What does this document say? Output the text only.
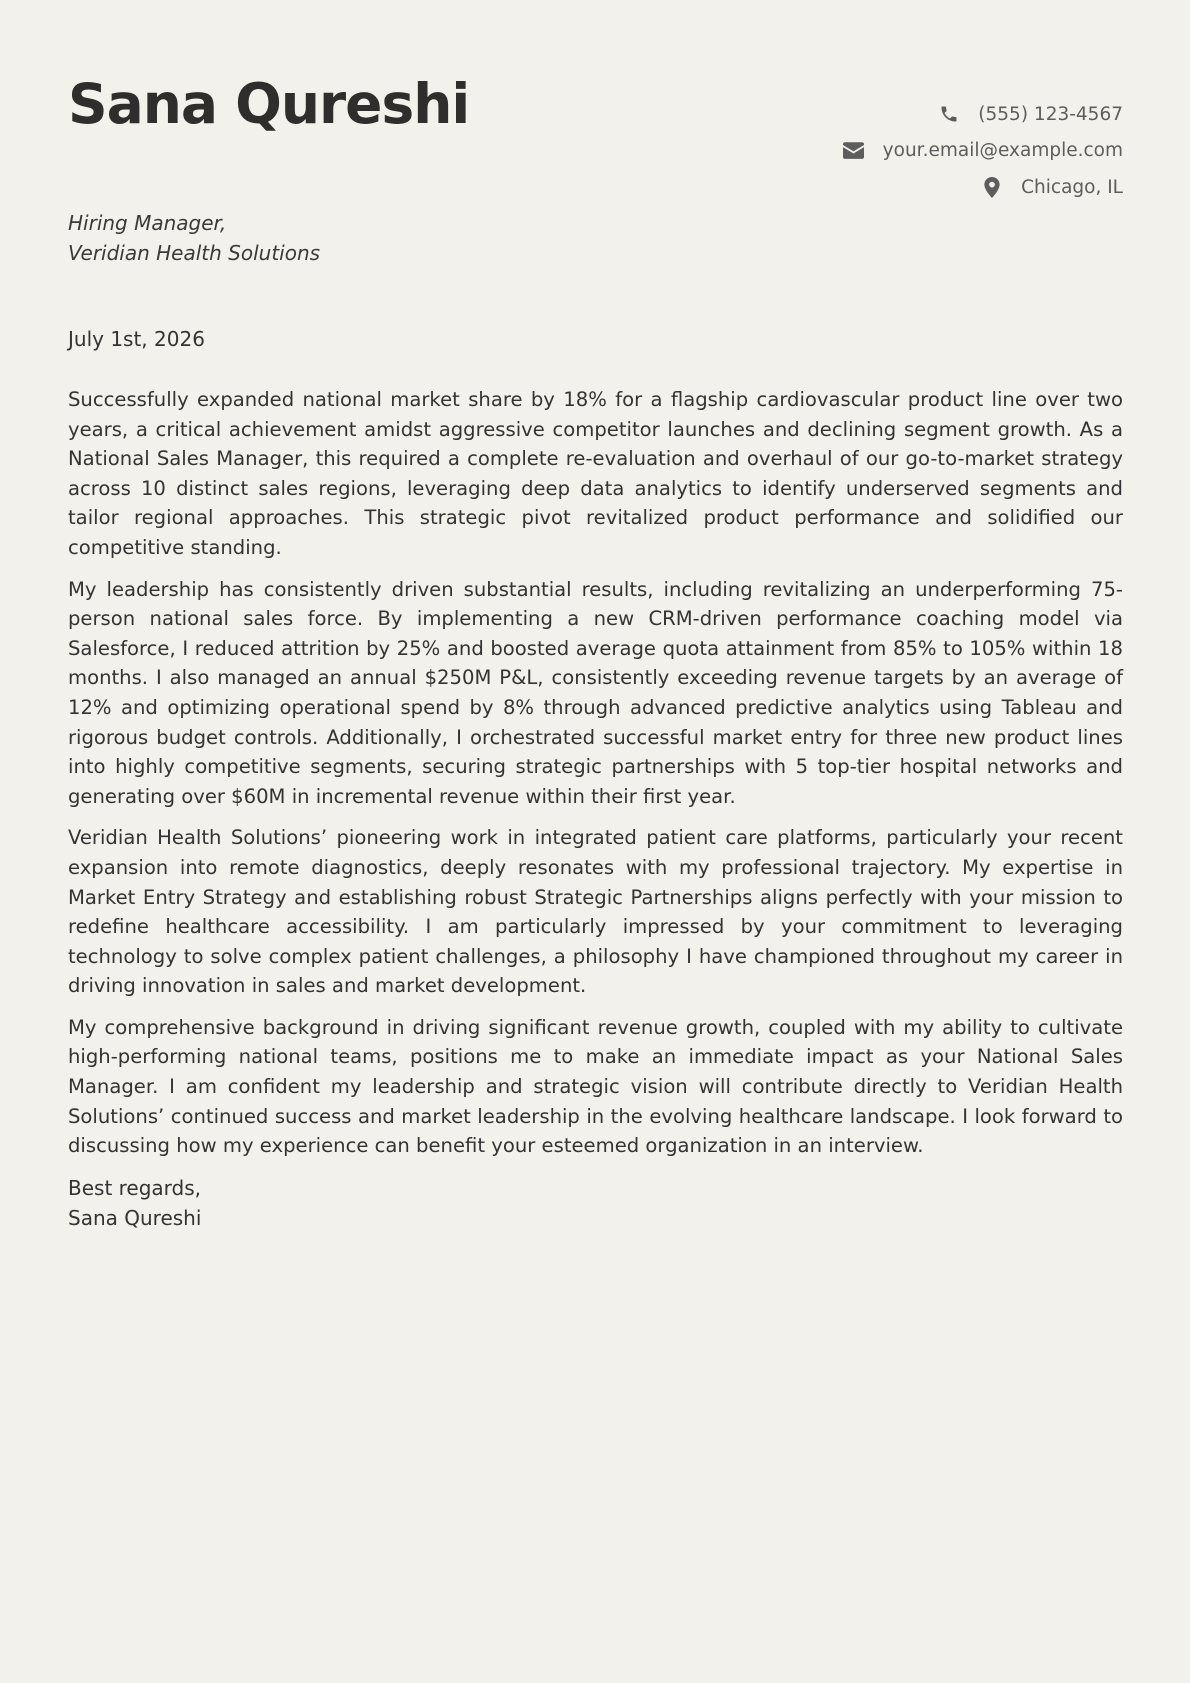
Sana Qureshi	(555) 123-4567
your.email@example.com
Chicago, IL
Hiring Manager,
Veridian Health Solutions
July 1st, 2026

Successfully expanded national market share by 18% for a flagship cardiovascular product line over two years, a critical achievement amidst aggressive competitor launches and declining segment growth. As a National Sales Manager, this required a complete re-evaluation and overhaul of our go-to-market strategy across 10 distinct sales regions, leveraging deep data analytics to identify underserved segments and tailor regional approaches. This strategic pivot revitalized product performance and solidified our competitive standing.

My leadership has consistently driven substantial results, including revitalizing an underperforming 75-person national sales force. By implementing a new CRM-driven performance coaching model via Salesforce, I reduced attrition by 25% and boosted average quota attainment from 85% to 105% within 18 months. I also managed an annual $250M P&L, consistently exceeding revenue targets by an average of 12% and optimizing operational spend by 8% through advanced predictive analytics using Tableau and rigorous budget controls. Additionally, I orchestrated successful market entry for three new product lines into highly competitive segments, securing strategic partnerships with 5 top-tier hospital networks and generating over $60M in incremental revenue within their first year.

Veridian Health Solutions’ pioneering work in integrated patient care platforms, particularly your recent expansion into remote diagnostics, deeply resonates with my professional trajectory. My expertise in Market Entry Strategy and establishing robust Strategic Partnerships aligns perfectly with your mission to redefine healthcare accessibility. I am particularly impressed by your commitment to leveraging technology to solve complex patient challenges, a philosophy I have championed throughout my career in driving innovation in sales and market development.

My comprehensive background in driving significant revenue growth, coupled with my ability to cultivate high-performing national teams, positions me to make an immediate impact as your National Sales Manager. I am confident my leadership and strategic vision will contribute directly to Veridian Health Solutions’ continued success and market leadership in the evolving healthcare landscape. I look forward to discussing how my experience can benefit your esteemed organization in an interview.

Best regards,
Sana Qureshi
